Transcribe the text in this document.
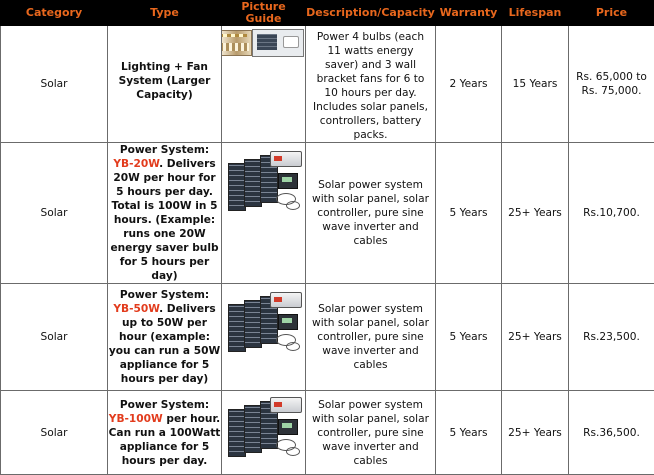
Category	Type	Picture Guide	Description/Capacity	Warranty	Lifespan	Price
Solar	Lighting + Fan System (Larger Capacity)		Power 4 bulbs (each 11 watts energy saver) and 3 wall bracket fans for 6 to 10 hours per day. Includes solar panels, controllers, battery packs.	2 Years	15 Years	Rs. 65,000 to Rs. 75,000.
Solar	Power System: YB-20W. Delivers 20W per hour for 5 hours per day. Total is 100W in 5 hours. (Example: runs one 20W energy saver bulb for 5 hours per day)		Solar power system with solar panel, solar controller, pure sine wave inverter and cables	5 Years	25+ Years	Rs.10,700.
Solar	Power System: YB-50W. Delivers up to 50W per hour (example: you can run a 50W appliance for 5 hours per day)		Solar power system with solar panel, solar controller, pure sine wave inverter and cables	5 Years	25+ Years	Rs.23,500.
Solar	Power System: YB-100W per hour. Can run a 100Watt appliance for 5 hours per day.		Solar power system with solar panel, solar controller, pure sine wave inverter and cables	5 Years	25+ Years	Rs.36,500.
